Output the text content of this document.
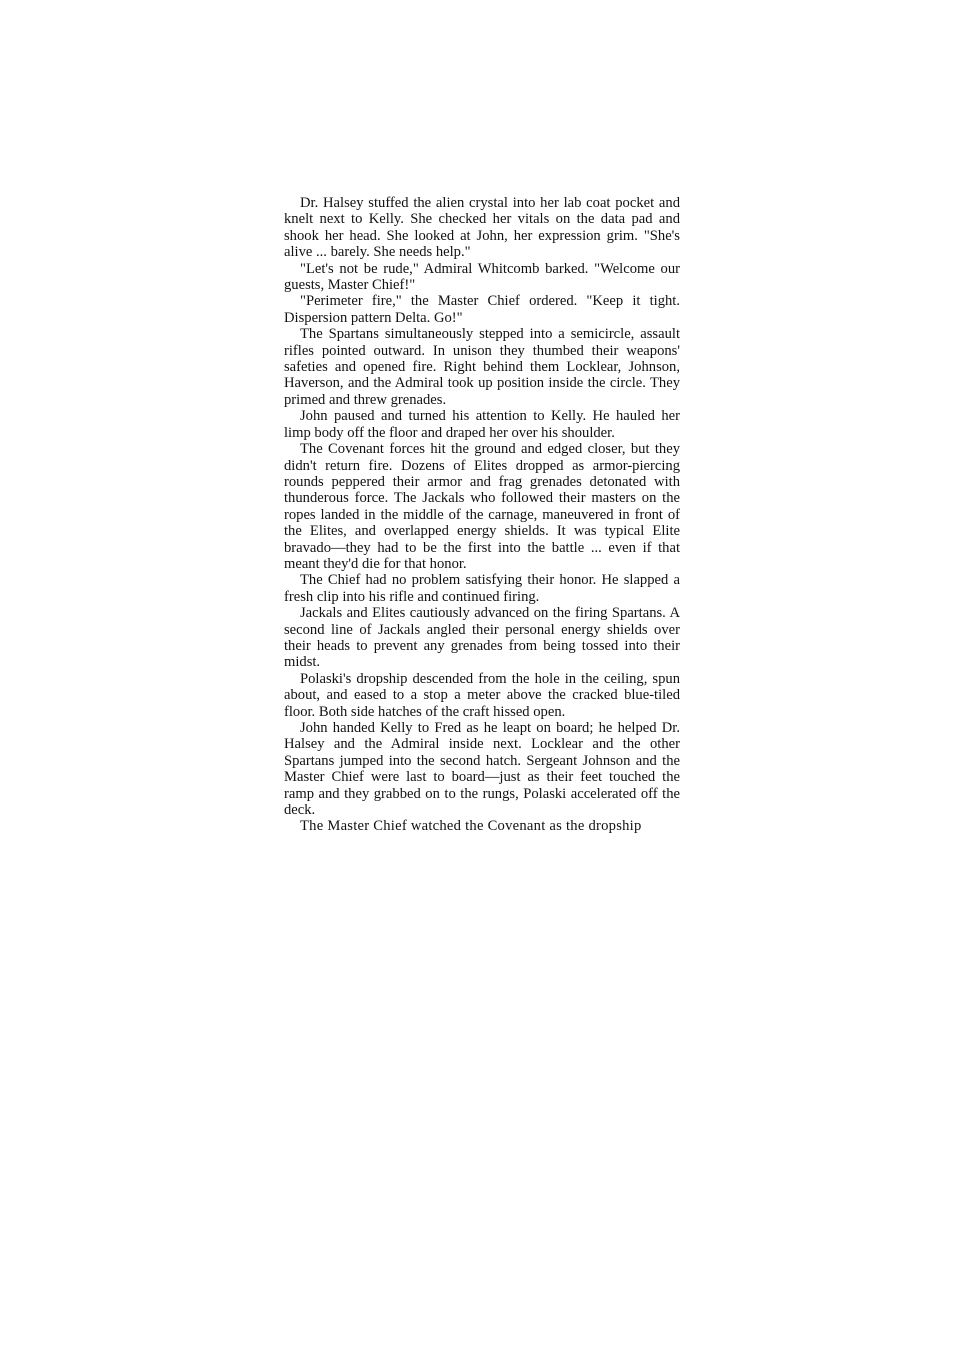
Dr. Halsey stuffed the alien crystal into her lab coat pocket and knelt next to Kelly. She checked her vitals on the data pad and shook her head. She looked at John, her expression grim. "She's alive ... barely. She needs help."

"Let's not be rude," Admiral Whitcomb barked. "Welcome our guests, Master Chief!"

"Perimeter fire," the Master Chief ordered. "Keep it tight. Dispersion pattern Delta. Go!"

The Spartans simultaneously stepped into a semicircle, assault rifles pointed outward. In unison they thumbed their weapons' safeties and opened fire. Right behind them Locklear, Johnson, Haverson, and the Admiral took up position inside the circle. They primed and threw grenades.

John paused and turned his attention to Kelly. He hauled her limp body off the floor and draped her over his shoulder.

The Covenant forces hit the ground and edged closer, but they didn't return fire. Dozens of Elites dropped as armor-piercing rounds peppered their armor and frag grenades detonated with thunderous force. The Jackals who followed their masters on the ropes landed in the middle of the carnage, maneuvered in front of the Elites, and overlapped energy shields. It was typical Elite bravado—they had to be the first into the battle ... even if that meant they'd die for that honor.

The Chief had no problem satisfying their honor. He slapped a fresh clip into his rifle and continued firing.

Jackals and Elites cautiously advanced on the firing Spartans. A second line of Jackals angled their personal energy shields over their heads to prevent any grenades from being tossed into their midst.

Polaski's dropship descended from the hole in the ceiling, spun about, and eased to a stop a meter above the cracked blue-tiled floor. Both side hatches of the craft hissed open.

John handed Kelly to Fred as he leapt on board; he helped Dr. Halsey and the Admiral inside next. Locklear and the other Spartans jumped into the second hatch. Sergeant Johnson and the Master Chief were last to board—just as their feet touched the ramp and they grabbed on to the rungs, Polaski accelerated off the deck.

The Master Chief watched the Covenant as the dropship
